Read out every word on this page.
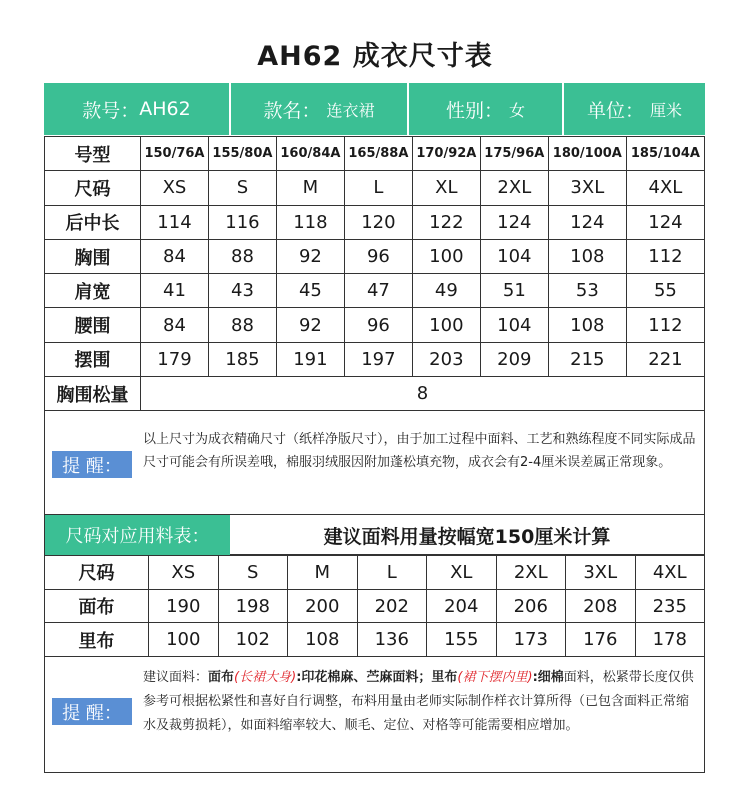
AH62 成衣尺寸表
款号： AH62	款名： 连衣裙	性别： 女	单位： 厘米
号型	150/76A	155/80A	160/84A	165/88A	170/92A	175/96A	180/100A	185/104A
尺码	XS	S	M	L	XL	2XL	3XL	4XL
后中长	114	116	118	120	122	124	124	124
胸围	84	88	92	96	100	104	108	112
肩宽	41	43	45	47	49	51	53	55
腰围	84	88	92	96	100	104	108	112
摆围	179	185	191	197	203	209	215	221
胸围松量	8							
提 醒：
以上尺寸为成衣精确尺寸（纸样净版尺寸），由于加工过程中面料、工艺和熟练程度不同实际成品尺寸可能会有所误差哦，棉服羽绒服因附加蓬松填充物，成衣会有2-4厘米误差属正常现象。
尺码对应用料表：	建议面料用量按幅宽150厘米计算
尺码	XS	S	M	L	XL	2XL	3XL	4XL
面布	190	198	200	202	204	206	208	235
里布	100	102	108	136	155	173	176	178
提 醒：
建议面料：面布(长裙大身):印花棉麻、苎麻面料；里布(裙下摆内里):细棉面料，松紧带长度仅供参考可根据松紧性和喜好自行调整，布料用量由老师实际制作样衣计算所得（已包含面料正常缩水及裁剪损耗），如面料缩率较大、顺毛、定位、对格等可能需要相应增加。
